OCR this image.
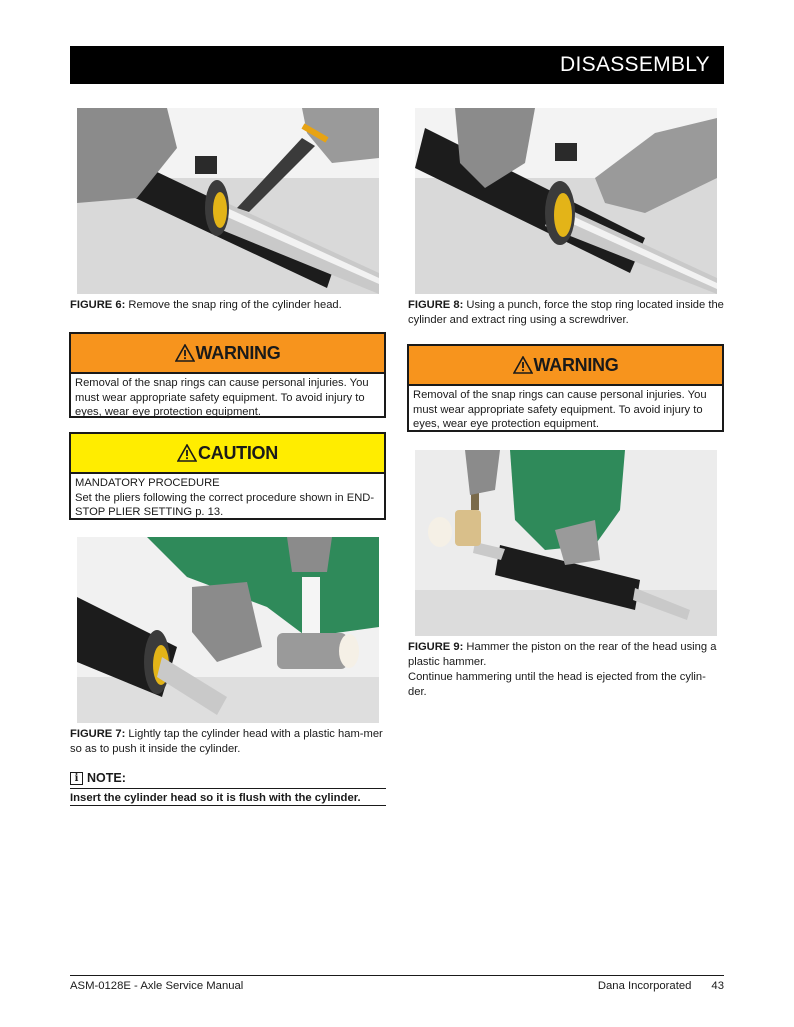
DISASSEMBLY
FIGURE 6: Remove the snap ring of the cylinder head.	FIGURE 8: Using a punch, force the stop ring located inside the cylinder and extract ring using a screwdriver.
WARNING
Removal of the snap rings can cause personal injuries. You must wear appropriate safety equipment. To avoid injury to eyes, wear eye protection equipment.
WARNING
Removal of the snap rings can cause personal injuries. You must wear appropriate safety equipment. To avoid injury to eyes, wear eye protection equipment.
CAUTION
MANDATORY PROCEDURE
Set the pliers following the correct procedure shown in END-STOP PLIER SETTING p. 13.
FIGURE 9: Hammer the piston on the rear of the head using a plastic hammer.
Continue hammering until the head is ejected from the cylin-der.
FIGURE 7: Lightly tap the cylinder head with a plastic ham-mer so as to push it inside the cylinder.
i NOTE:
Insert the cylinder head so it is flush with the cylinder.
ASM-0128E - Axle Service Manual	Dana Incorporated 43
